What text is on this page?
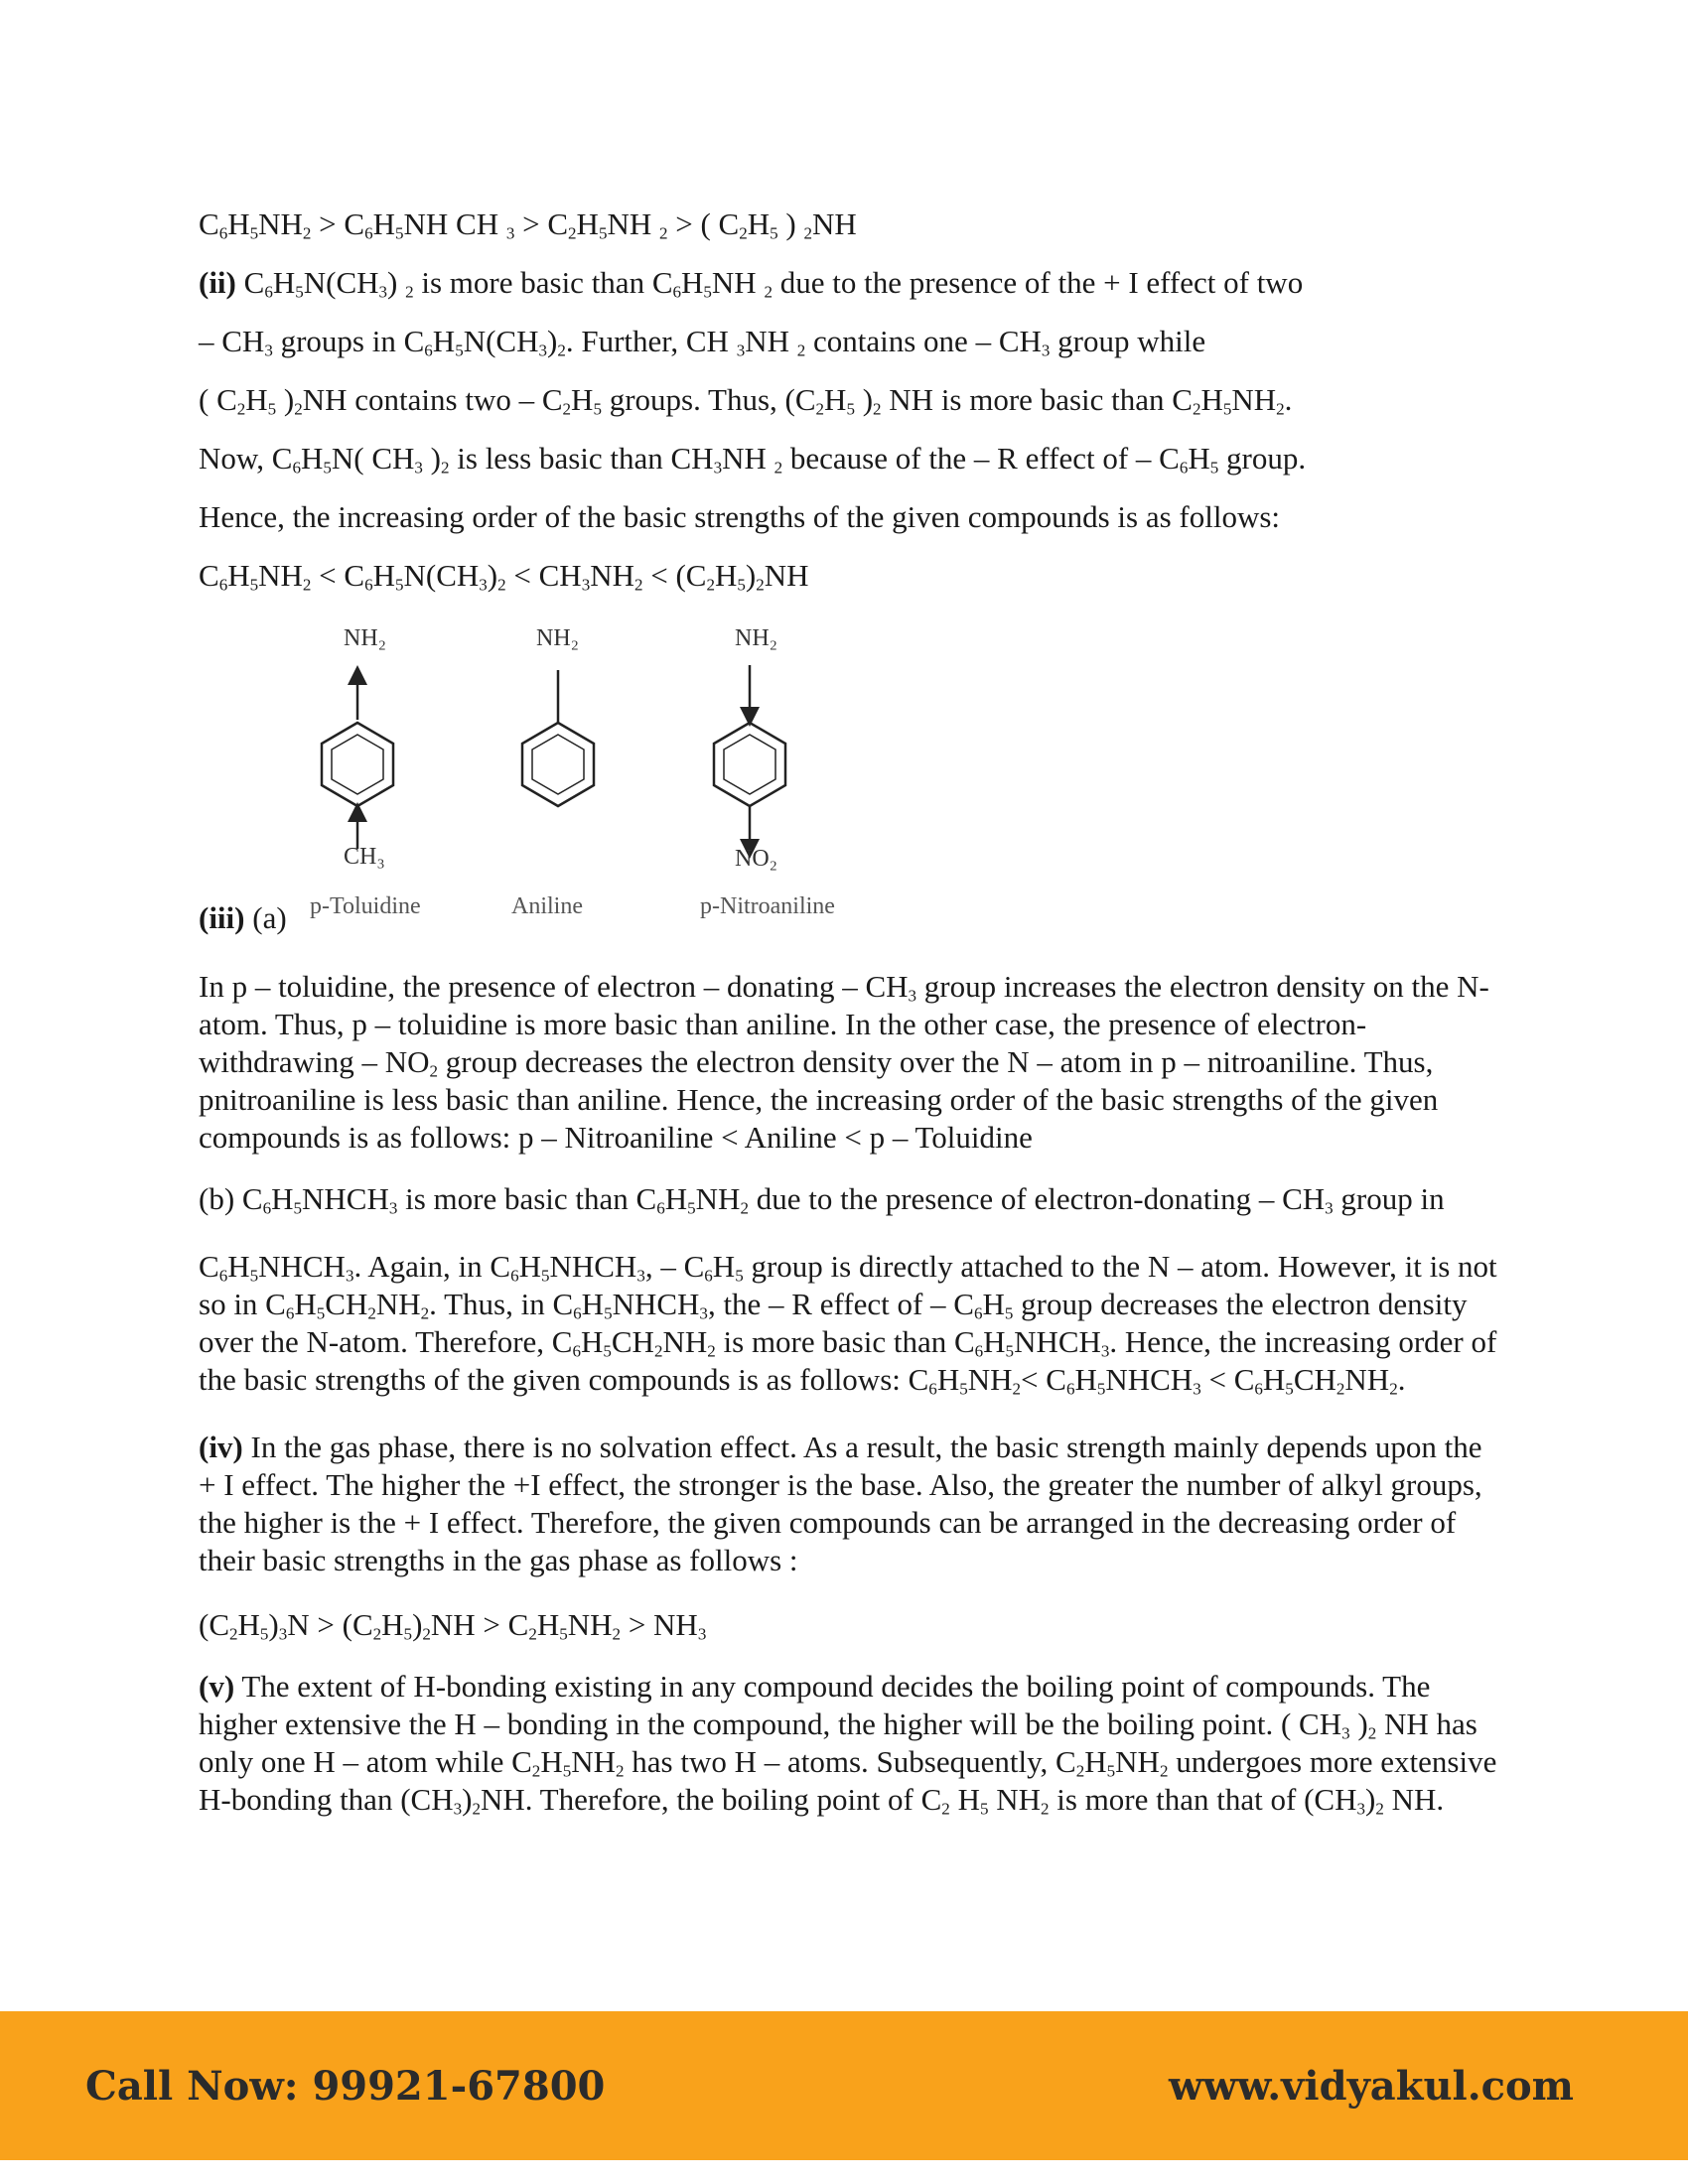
$C_6H_5NH_2 > C_6H_5NH$ CH $_3 > C_2H_5NH$ $_2$ > ( $C_2H_5$ ) $_2$NH

(ii) $C_6H_5N(CH_3)$ $_2$ is more basic than $C_6H_5NH$ $_2$ due to the presence of the + I effect of two

– $CH_3$ groups in $C_6H_5N(CH_3)_2$. Further, CH $_3$NH $_2$ contains one – $CH_3$ group while

( $C_2H_5$ )$_2NH$ contains two – $C_2H_5$ groups. Thus, ($C_2H_5$ )$_2$ NH is more basic than $C_2H_5NH_2$.

Now, $C_6H_5N$( $CH_3$ )$_2$ is less basic than $CH_3NH$ $_2$ because of the – R effect of – $C_6H_5$ group.

Hence, the increasing order of the basic strengths of the given compounds is as follows:

$C_6H_5NH_2 < C_6H_5N(CH_3)_2 < CH_3NH_2 < (C_2H_5)_2NH$

In p – toluidine, the presence of electron – donating – $CH_3$ group increases the electron density on the N-atom. Thus, p – toluidine is more basic than aniline. In the other case, the presence of electron-withdrawing – $NO_2$ group decreases the electron density over the N – atom in p – nitroaniline. Thus, pnitroaniline is less basic than aniline. Hence, the increasing order of the basic strengths of the given compounds is as follows: p – Nitroaniline < Aniline < p – Toluidine

(b) $C_6H_5NHCH_3$ is more basic than $C_6H_5NH_2$ due to the presence of electron-donating – $CH_3$ group in

$C_6H_5NHCH_3$. Again, in $C_6H_5NHCH_3$, – $C_6H_5$ group is directly attached to the N – atom. However, it is not so in $C_6H_5CH_2NH_2$. Thus, in $C_6H_5NHCH_3$, the – R effect of – $C_6H_5$ group decreases the electron density over the N-atom. Therefore, $C_6H_5CH_2NH_2$ is more basic than $C_6H_5NHCH_3$. Hence, the increasing order of the basic strengths of the given compounds is as follows: $C_6H_5NH_2<$ $C_6H_5NHCH_3 < C_6H_5CH_2NH_2$.

(iv) In the gas phase, there is no solvation effect. As a result, the basic strength mainly depends upon the + I effect. The higher the +I effect, the stronger is the base. Also, the greater the number of alkyl groups, the higher is the + I effect. Therefore, the given compounds can be arranged in the decreasing order of their basic strengths in the gas phase as follows :

$(C_2H_5)_3N > (C_2H_5)_2NH > C_2H_5NH_2 > NH_3$

(v) The extent of H-bonding existing in any compound decides the boiling point of compounds. The higher extensive the H – bonding in the compound, the higher will be the boiling point. ( $CH_3$ )$_2$ NH has only one H – atom while $C_2H_5NH_2$ has two H – atoms. Subsequently, $C_2H_5NH_2$ undergoes more extensive H-bonding than $(CH_3)_2NH$. Therefore, the boiling point of $C_2$ $H_5$ $NH_2$ is more than that of $(CH_3)_2$ NH.

NH₂
CH₃
p-Toluidine
NH₂
Aniline
NH₂
NO₂
p-Nitroaniline

(iii) (a)

Call Now: 99921-67800	www.vidyakul.com
